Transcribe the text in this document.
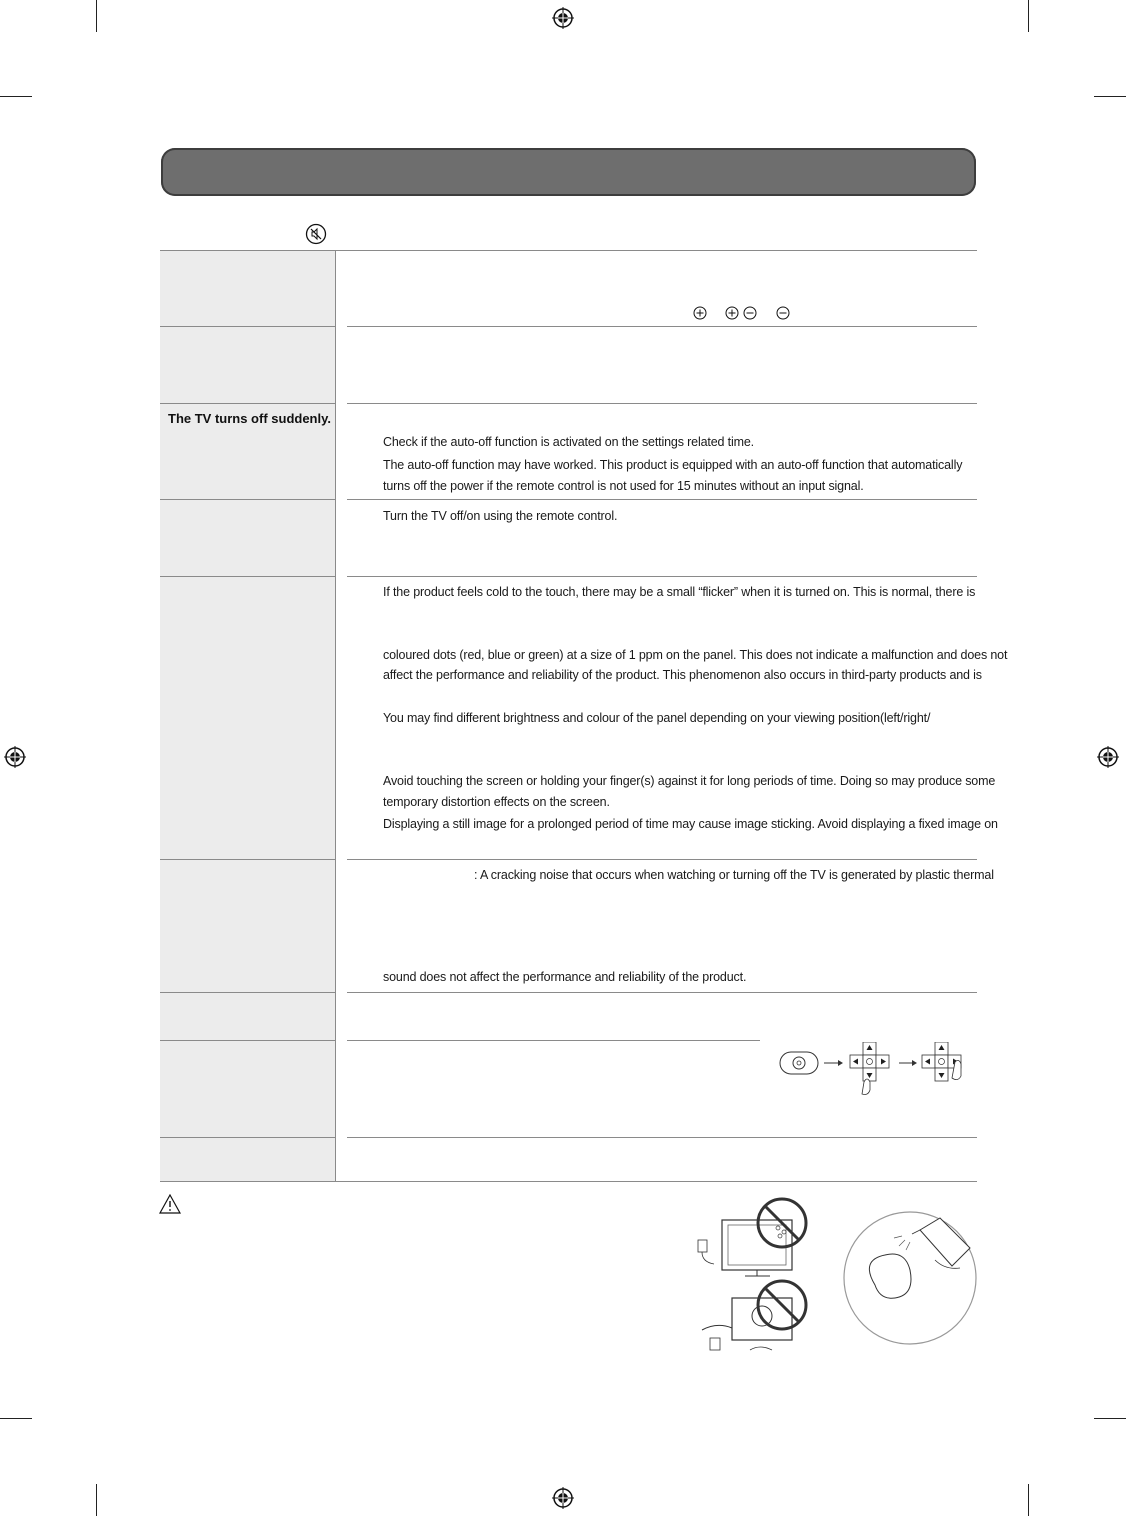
The TV turns off suddenly.
Check if the auto-off function is activated on the settings related time.
The auto-off function may have worked. This product is equipped with an auto-off function that automatically
turns off the power if the remote control is not used for 15 minutes without an input signal.
Turn the TV off/on using the remote control.
If the product feels cold to the touch, there may be a small “flicker” when it is turned on. This is normal, there is
coloured dots (red, blue or green) at a size of 1 ppm on the panel. This does not indicate a malfunction and does not
affect the performance and reliability of the product. This phenomenon also occurs in third-party products and is
You may find different brightness and colour of the panel depending on your viewing position(left/right/
Avoid touching the screen or holding your finger(s) against it for long periods of time. Doing so may produce some
temporary distortion effects on the screen.
Displaying a still image for a prolonged period of time may cause image sticking. Avoid displaying a fixed image on
: A cracking noise that occurs when watching or turning off the TV is generated by plastic thermal
sound does not affect the performance and reliability of the product.
